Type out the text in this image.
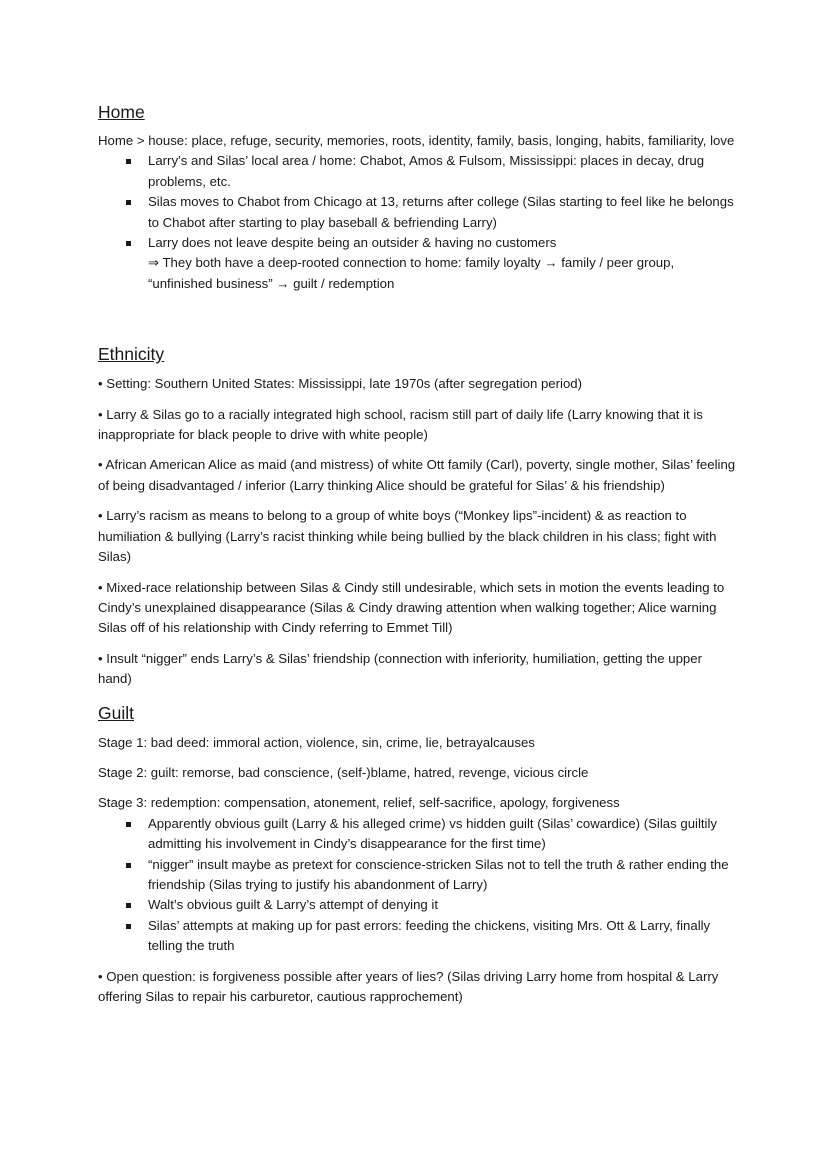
Home

Home > house: place, refuge, security, memories, roots, identity, family, basis, longing, habits, familiarity, love

Larry’s and Silas’ local area / home: Chabot, Amos & Fulsom, Mississippi: places in decay, drug problems, etc.
Silas moves to Chabot from Chicago at 13, returns after college (Silas starting to feel like he belongs to Chabot after starting to play baseball & befriending Larry)
Larry does not leave despite being an outsider & having no customers
⇒ They both have a deep-rooted connection to home: family loyalty → family / peer group, “unfinished business” → guilt / redemption
Ethnicity

• Setting: Southern United States: Mississippi, late 1970s (after segregation period)

• Larry & Silas go to a racially integrated high school, racism still part of daily life (Larry knowing that it is inappropriate for black people to drive with white people)

• African American Alice as maid (and mistress) of white Ott family (Carl), poverty, single mother, Silas’ feeling of being disadvantaged / inferior (Larry thinking Alice should be grateful for Silas’ & his friendship)

• Larry’s racism as means to belong to a group of white boys (“Monkey lips”-incident) & as reaction to humiliation & bullying (Larry’s racist thinking while being bullied by the black children in his class; fight with Silas)

• Mixed-race relationship between Silas & Cindy still undesirable, which sets in motion the events leading to Cindy’s unexplained disappearance (Silas & Cindy drawing attention when walking together; Alice warning Silas off of his relationship with Cindy referring to Emmet Till)

• Insult “nigger” ends Larry’s & Silas’ friendship (connection with inferiority, humiliation, getting the upper hand)

Guilt

Stage 1: bad deed: immoral action, violence, sin, crime, lie, betrayalcauses

Stage 2: guilt: remorse, bad conscience, (self-)blame, hatred, revenge, vicious circle

Stage 3: redemption: compensation, atonement, relief, self-sacrifice, apology, forgiveness

Apparently obvious guilt (Larry & his alleged crime) vs hidden guilt (Silas’ cowardice) (Silas guiltily admitting his involvement in Cindy’s disappearance for the first time)
“nigger” insult maybe as pretext for conscience-stricken Silas not to tell the truth & rather ending the friendship (Silas trying to justify his abandonment of Larry)
Walt’s obvious guilt & Larry’s attempt of denying it
Silas’ attempts at making up for past errors: feeding the chickens, visiting Mrs. Ott & Larry, finally telling the truth

• Open question: is forgiveness possible after years of lies? (Silas driving Larry home from hospital & Larry offering Silas to repair his carburetor, cautious rapprochement)
